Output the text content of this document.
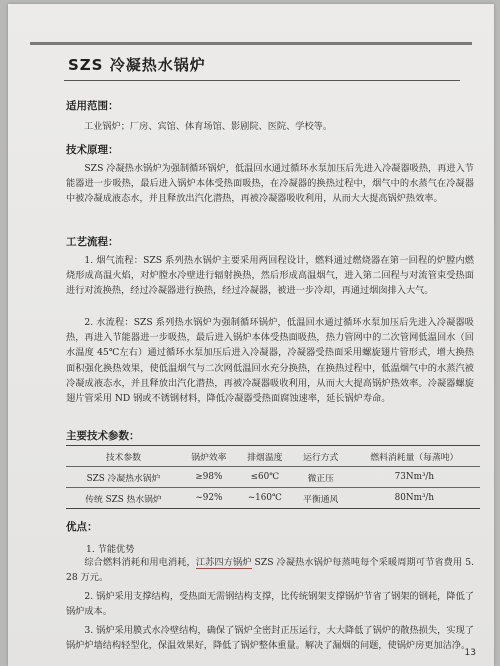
SZS 冷凝热水锅炉
适用范围：

工业锅炉；厂房、宾馆、体育场馆、影剧院、医院、学校等。

技术原理：

SZS 冷凝热水锅炉为强制循环锅炉，低温回水通过循环水泵加压后先进入冷凝器吸热，再进入节能器进一步吸热，最后进入锅炉本体受热面吸热，在冷凝器的换热过程中，烟气中的水蒸气在冷凝器中被冷凝成液态水，并且释放出汽化潜热，再被冷凝器吸收利用，从而大大提高锅炉热效率。

工艺流程：

1. 烟气流程：SZS 系列热水锅炉主要采用两回程设计，燃料通过燃烧器在第一回程的炉膛内燃烧形成高温火焰，对炉膛水冷壁进行辐射换热，然后形成高温烟气，进入第二回程与对流管束受热面进行对流换热，经过冷凝器进行换热，经过冷凝器，被进一步冷却，再通过烟囱排入大气。

2. 水流程：SZS 系列热水锅炉为强制循环锅炉，低温回水通过循环水泵加压后先进入冷凝器吸热，再进入节能器进一步吸热，最后进入锅炉本体受热面吸热，热力管网中的二次管网低温回水（回水温度 45℃左右）通过循环水泵加压后进入冷凝器，冷凝器受热面采用螺旋翅片管形式，增大换热面积强化换热效果，使低温烟气与二次网低温回水充分换热，在换热过程中，低温烟气中的水蒸汽被冷凝成液态水，并且释放出汽化潜热，再被冷凝器吸收利用，从而大大提高锅炉热效率。冷凝器螺旋翅片管采用 ND 钢或不锈钢材料，降低冷凝器受热面腐蚀速率，延长锅炉寿命。

主要技术参数：
技术参数	锅炉效率	排烟温度	运行方式	燃料消耗量（每蒸吨）
SZS 冷凝热水锅炉	≥98%	≤60℃	微正压	73Nm³/h
传统 SZS 热水锅炉	~92%	~160℃	平衡通风	80Nm³/h
优点：
1. 节能优势

综合燃料消耗和用电消耗，江苏四方锅炉 SZS 冷凝热水锅炉每蒸吨每个采暖周期可节省费用 5. 28 万元。

2. 锅炉采用支撑结构，受热面无需钢结构支撑，比传统钢架支撑锅炉节省了钢架的钢耗，降低了锅炉成本。

3. 锅炉采用膜式水冷壁结构，确保了锅炉全密封正压运行，大大降低了锅炉的散热损失，实现了锅炉炉墙结构轻型化，保温效果好，降低了锅炉整体重量。解决了漏烟的问题，使锅炉房更加洁净。

13
